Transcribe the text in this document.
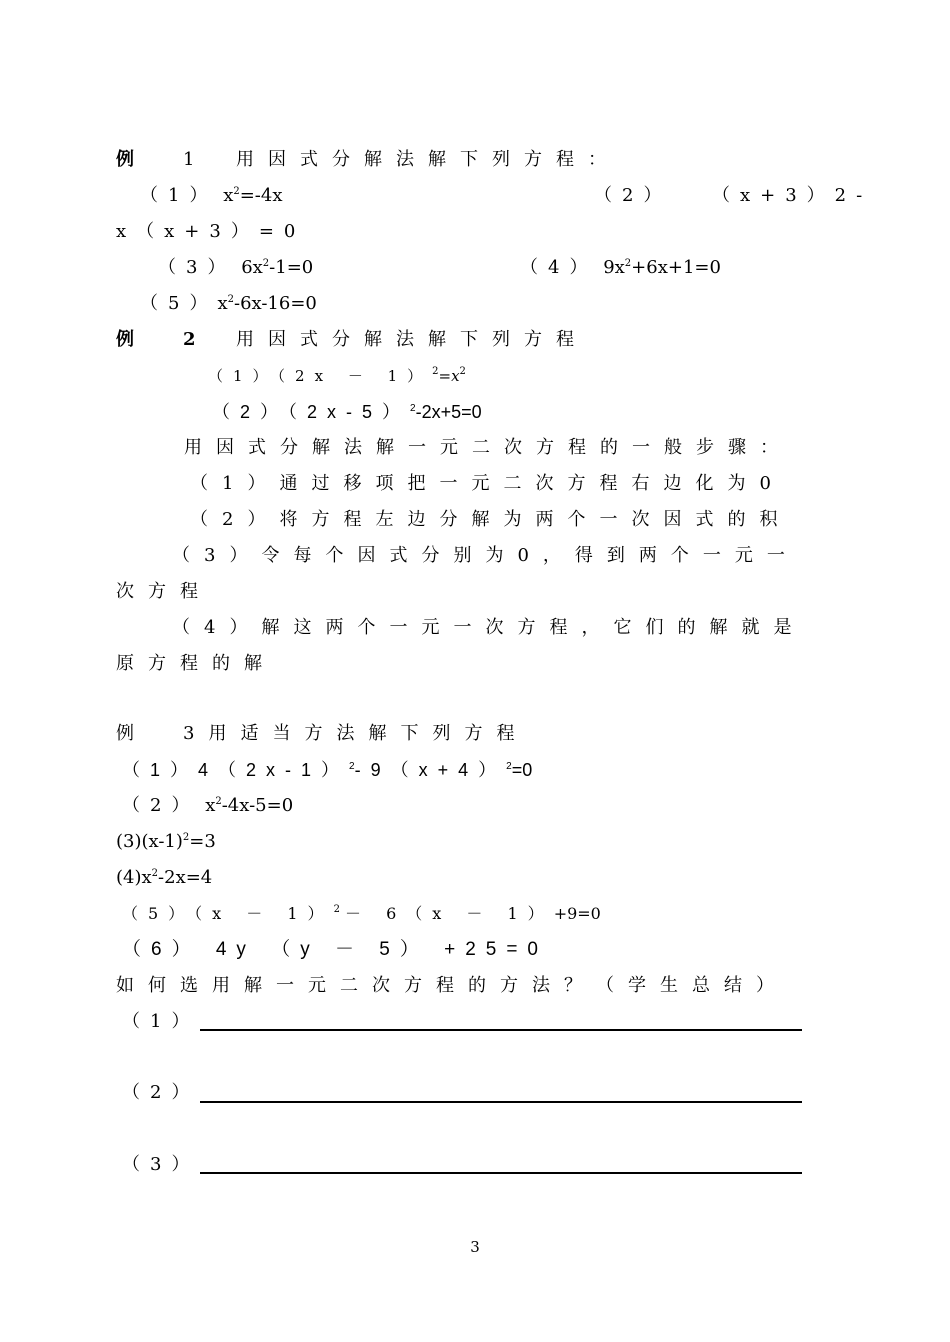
例	1 用因式分解法解下列方程：
（1） $x^2=-4x$	（2） （x+3）2-
x（x+3）=0
（3） $6x^2-1=0$	（4） $9x^2+6x+1=0$
$(5)x^2-6x-16=0$
例	2 用因式分解法解下列方程
$(1)(2x - 1)^2=x^2$
$(2)(2x-5)^2-2x+5=0$
用因式分解法解一元二次方程的一般步骤：
（1）通过移项把一元二次方程右边化为0
（2）将方程左边分解为两个一次因式的积
（3）令每个因式分别为0，得到两个一元一
次方程
（4）解这两个一元一次方程，它们的解就是
原方程的解
例	3用适当方法解下列方程
$(1)4(2x-1)^2-9(x+4)^2=0$
（2） $x^2-4x-5=0$
$(3)(x-1)^2=3$
$(4)x^2-2x=4$
$(5)(x - 1)^2 - 6(x - 1)+9=0$
（6） 4y （y － 5） +25=0
如何选用解一元二次方程的方法？（学生总结）
（1）
（2）
（3）
3
